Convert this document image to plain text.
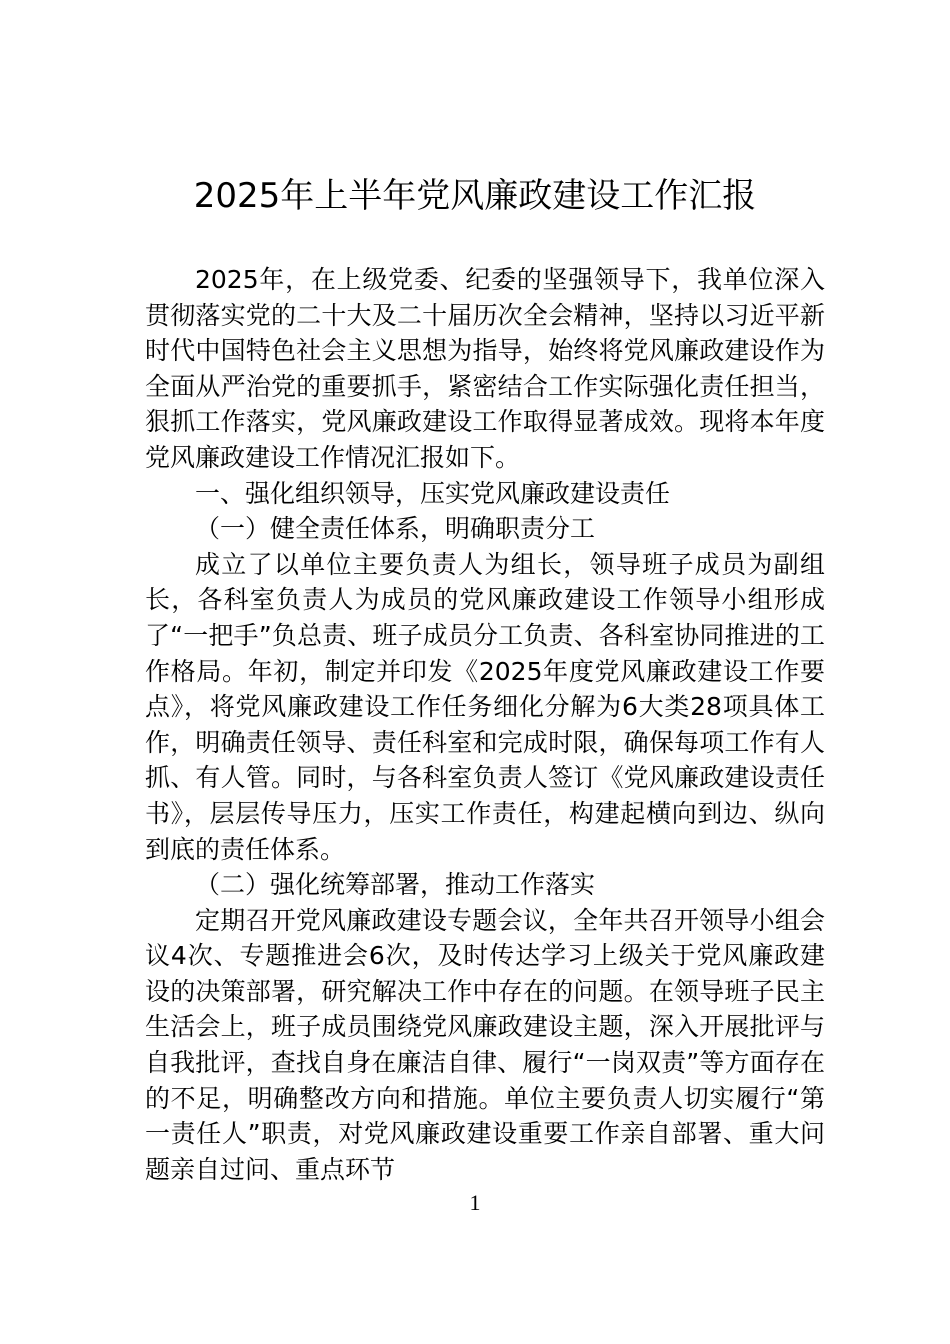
2025年上半年党风廉政建设工作汇报

2025年，在上级党委、纪委的坚强领导下，我单位深入贯彻落实党的二十大及二十届历次全会精神，坚持以习近平新时代中国特色社会主义思想为指导，始终将党风廉政建设作为全面从严治党的重要抓手，紧密结合工作实际强化责任担当，狠抓工作落实，党风廉政建设工作取得显著成效。现将本年度党风廉政建设工作情况汇报如下。

一、强化组织领导，压实党风廉政建设责任

（一）健全责任体系，明确职责分工

成立了以单位主要负责人为组长，领导班子成员为副组长，各科室负责人为成员的党风廉政建设工作领导小组形成了“一把手”负总责、班子成员分工负责、各科室协同推进的工作格局。年初，制定并印发《2025年度党风廉政建设工作要点》，将党风廉政建设工作任务细化分解为6大类28项具体工作，明确责任领导、责任科室和完成时限，确保每项工作有人抓、有人管。同时，与各科室负责人签订《党风廉政建设责任书》，层层传导压力，压实工作责任，构建起横向到边、纵向到底的责任体系。

（二）强化统筹部署，推动工作落实

定期召开党风廉政建设专题会议，全年共召开领导小组会议4次、专题推进会6次，及时传达学习上级关于党风廉政建设的决策部署，研究解决工作中存在的问题。在领导班子民主生活会上，班子成员围绕党风廉政建设主题，深入开展批评与自我批评，查找自身在廉洁自律、履行“一岗双责”等方面存在的不足，明确整改方向和措施。单位主要负责人切实履行“第一责任人”职责，对党风廉政建设重要工作亲自部署、重大问题亲自过问、重点环节

1
